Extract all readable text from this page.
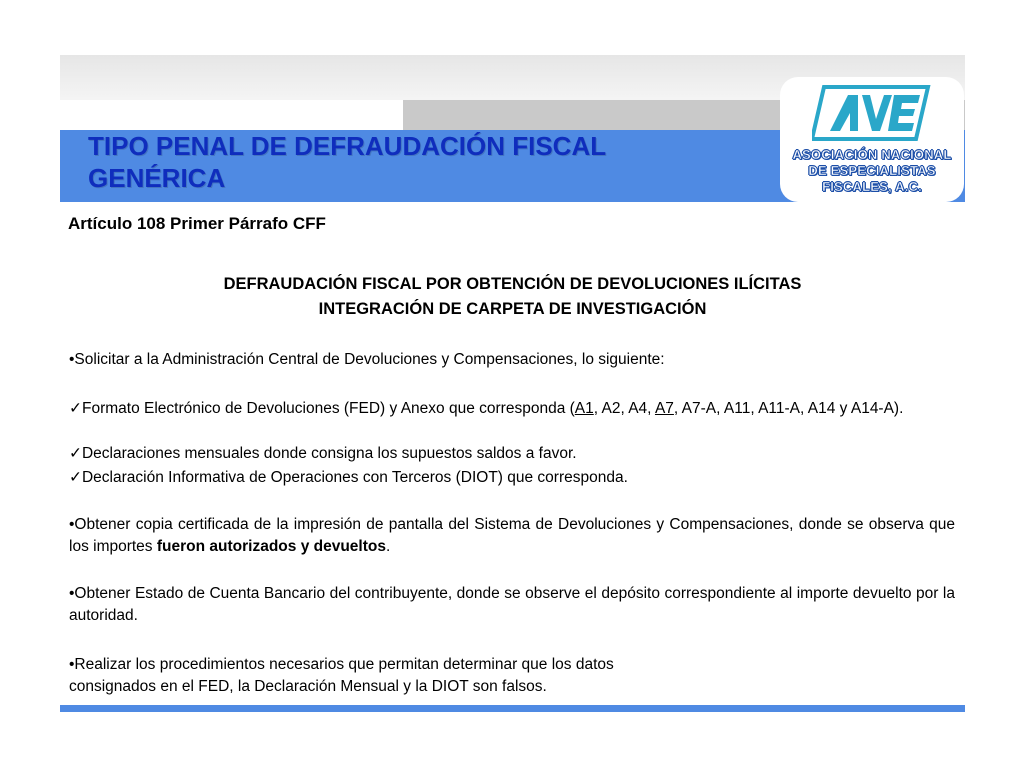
TIPO PENAL DE DEFRAUDACIÓN FISCAL
GENÉRICA
ASOCIACIÓN NACIONAL
DE ESPECIALISTAS
FISCALES, A.C.
Artículo 108 Primer Párrafo CFF
DEFRAUDACIÓN FISCAL POR OBTENCIÓN DE DEVOLUCIONES ILÍCITAS
INTEGRACIÓN DE CARPETA DE INVESTIGACIÓN
•Solicitar a la Administración Central de Devoluciones y Compensaciones, lo siguiente:
✓Formato Electrónico de Devoluciones (FED) y Anexo que corresponda (A1, A2, A4, A7, A7-A, A11, A11-A, A14 y A14-A).
✓Declaraciones mensuales donde consigna los supuestos saldos a favor.
✓Declaración Informativa de Operaciones con Terceros (DIOT) que corresponda.
•Obtener copia certificada de la impresión de pantalla del Sistema de Devoluciones y Compensaciones, donde se observa que los importes fueron autorizados y devueltos.
•Obtener Estado de Cuenta Bancario del contribuyente, donde se observe el depósito correspondiente al importe devuelto por la autoridad.
•Realizar los procedimientos necesarios que permitan determinar que los datos
consignados en el FED, la Declaración Mensual y la DIOT son falsos.
